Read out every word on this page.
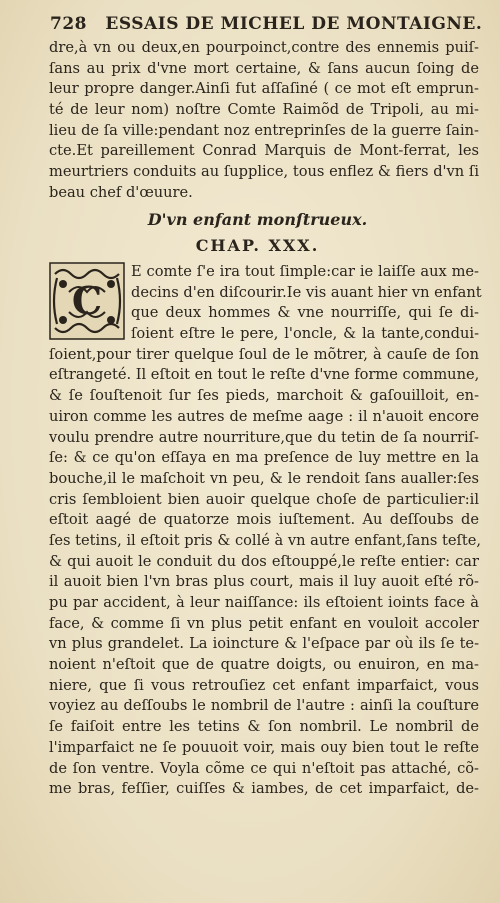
728 ESSAIS DE MICHEL DE MONTAIGNE.
dre,à vn ou deux,en pourpoinct,contre des ennemis puiſ-
ſans au prix d'vne mort certaine, & ſans aucun ſoing de
leur propre danger.Ainſi fut aſſaſiné ( ce mot eſt emprun-
té de leur nom) noſtre Comte Raimõd de Tripoli, au mi-
lieu de ſa ville:pendant noz entreprinſes de la guerre ſain-
cte.Et pareillement Conrad Marquis de Mont-ferrat, les
meurtriers conduits au ſupplice, tous enflez & fiers d'vn ſi
beau chef d'œuure.
D'vn enfant monſtrueux.
CHAP. XXX.
C
E comte ſ'e ira tout ſimple:car ie laiſſe aux me-
decins d'en diſcourir.Ie vis auant hier vn enfant
que deux hommes & vne nourriſſe, qui ſe di-
ſoient eſtre le pere, l'oncle, & la tante,condui-
ſoient,pour tirer quelque ſoul de le mõtrer, à cauſe de ſon
eſtrangeté. Il eſtoit en tout le reſte d'vne forme commune,
& ſe ſouſtenoit ſur ſes pieds, marchoit & gaſouilloit, en-
uiron comme les autres de meſme aage : il n'auoit encore
voulu prendre autre nourriture,que du tetin de ſa nourriſ-
ſe: & ce qu'on eſſaya en ma preſence de luy mettre en la
bouche,il le maſchoit vn peu, & le rendoit ſans aualler:ſes
cris ſembloient bien auoir quelque choſe de particulier:il
eſtoit aagé de quatorze mois iuſtement. Au deſſoubs de
ſes tetins, il eſtoit pris & collé à vn autre enfant,ſans teſte,
& qui auoit le conduit du dos eſtouppé,le reſte entier: car
il auoit bien l'vn bras plus court, mais il luy auoit eſté rõ-
pu par accident, à leur naiſſance: ils eſtoient ioints face à
face, & comme ſi vn plus petit enfant en vouloit accoler
vn plus grandelet. La ioincture & l'eſpace par où ils ſe te-
noient n'eſtoit que de quatre doigts, ou enuiron, en ma-
niere, que ſi vous retrouſiez cet enfant imparfaict, vous
voyiez au deſſoubs le nombril de l'autre : ainſi la couſture
ſe faiſoit entre les tetins & ſon nombril. Le nombril de
l'imparfaict ne ſe pouuoit voir, mais ouy bien tout le reſte
de ſon ventre. Voyla cõme ce qui n'eſtoit pas attaché, cõ-
me bras, feſſier, cuiſſes & iambes, de cet imparfaict, de-
